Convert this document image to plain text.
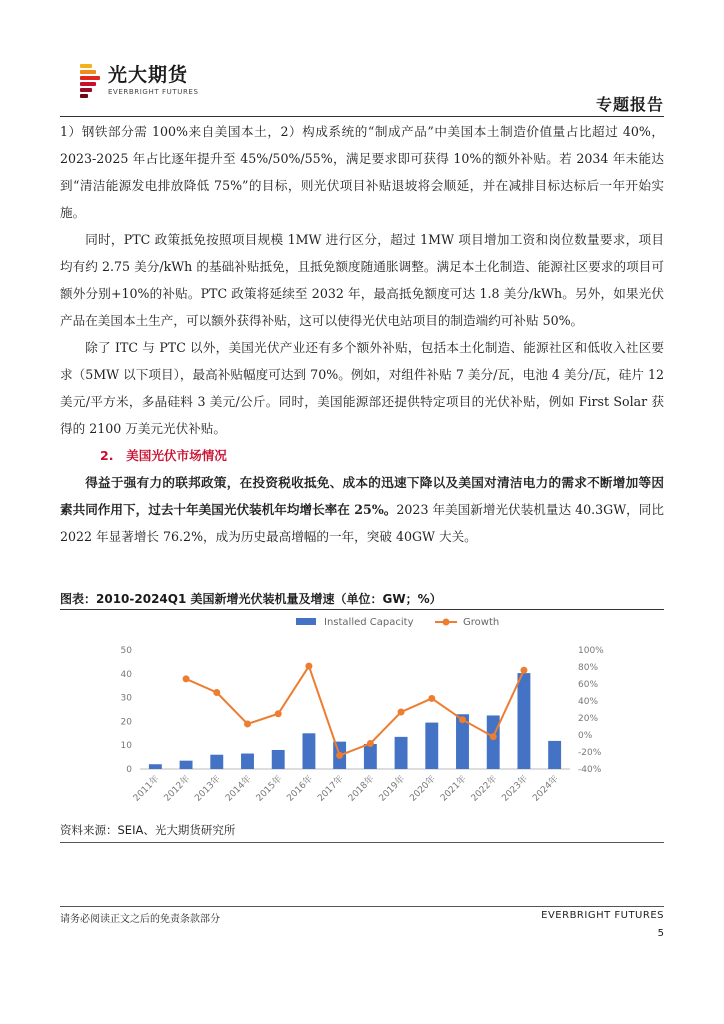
光大期货
EVERBRIGHT FUTURES
专题报告

1）钢铁部分需 100%来自美国本土，2）构成系统的“制成产品”中美国本土制造价值量占比超过 40%，2023-2025 年占比逐年提升至 45%/50%/55%，满足要求即可获得 10%的额外补贴。若 2034 年未能达到“清洁能源发电排放降低 75%”的目标，则光伏项目补贴退坡将会顺延，并在减排目标达标后一年开始实施。

同时，PTC 政策抵免按照项目规模 1MW 进行区分，超过 1MW 项目增加工资和岗位数量要求，项目均有约 2.75 美分/kWh 的基础补贴抵免，且抵免额度随通胀调整。满足本土化制造、能源社区要求的项目可额外分别+10%的补贴。PTC 政策将延续至 2032 年，最高抵免额度可达 1.8 美分/kWh。另外，如果光伏产品在美国本土生产，可以额外获得补贴，这可以使得光伏电站项目的制造端约可补贴 50%。

除了 ITC 与 PTC 以外，美国光伏产业还有多个额外补贴，包括本土化制造、能源社区和低收入社区要求（5MW 以下项目），最高补贴幅度可达到 70%。例如，对组件补贴 7 美分/瓦，电池 4 美分/瓦，硅片 12 美元/平方米，多晶硅料 3 美元/公斤。同时，美国能源部还提供特定项目的光伏补贴，例如 First Solar 获得的 2100 万美元光伏补贴。

2.　美国光伏市场情况

得益于强有力的联邦政策，在投资税收抵免、成本的迅速下降以及美国对清洁电力的需求不断增加等因素共同作用下，过去十年美国光伏装机年均增长率在 25%。2023 年美国新增光伏装机量达 40.3GW，同比 2022 年显著增长 76.2%，成为历史最高增幅的一年，突破 40GW 大关。

图表：2010-2024Q1 美国新增光伏装机量及增速（单位：GW；%）
Installed Capacity	Growth
0
10
20
30
40
50
-40%
-20%
0%
20%
40%
60%
80%
100%
2011年 2012年 2013年 2014年 2015年 2016年 2017年 2018年 2019年 2020年 2021年 2022年 2023年 2024年
资料来源：SEIA、光大期货研究所
请务必阅读正文之后的免责条款部分	EVERBRIGHT FUTURES
5
